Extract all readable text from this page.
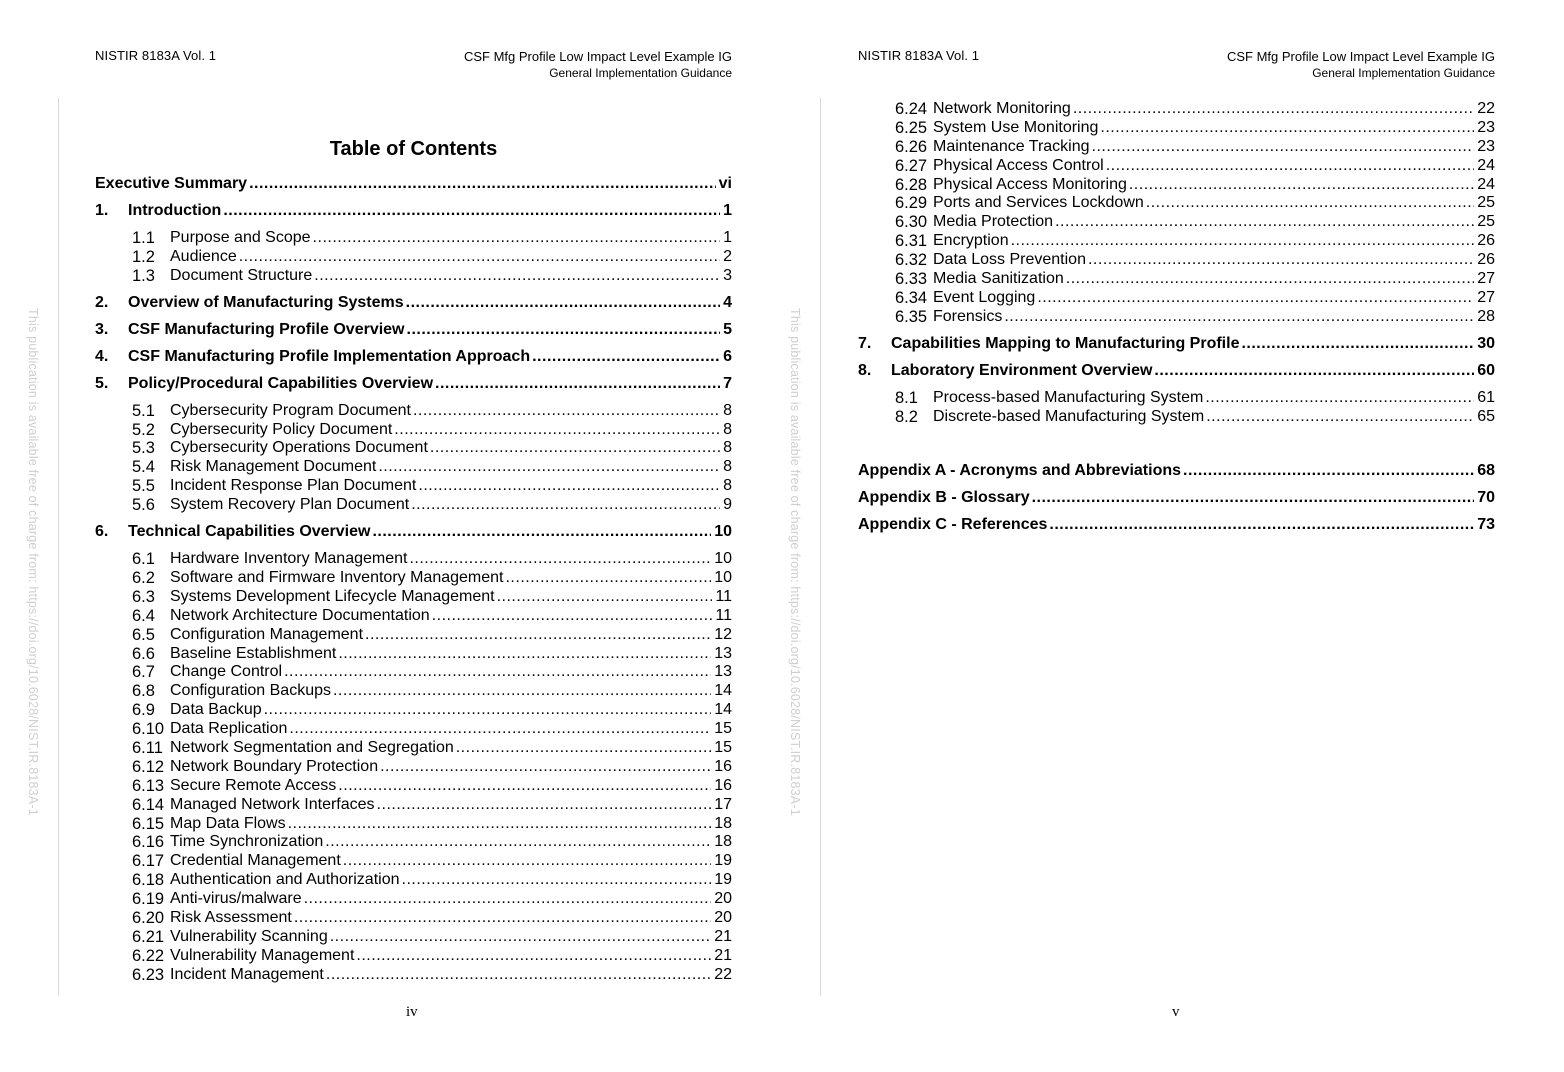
NISTIR 8183A Vol. 1	CSF Mfg Profile Low Impact Level Example IG
General Implementation Guidance
This publication is available free of charge from: https://doi.org/10.6028/NIST.IR.8183A-1
Table of Contents
Executive Summary .....	vi
1. Introduction .....	1
1.1 Purpose and Scope .....	1
1.2 Audience .....	2
1.3 Document Structure .....	3
2. Overview of Manufacturing Systems .....	4
3. CSF Manufacturing Profile Overview .....	5
4. CSF Manufacturing Profile Implementation Approach .....	6
5. Policy/Procedural Capabilities Overview .....	7
5.1 Cybersecurity Program Document .....	8
5.2 Cybersecurity Policy Document .....	8
5.3 Cybersecurity Operations Document .....	8
5.4 Risk Management Document .....	8
5.5 Incident Response Plan Document .....	8
5.6 System Recovery Plan Document .....	9
6. Technical Capabilities Overview .....	10
6.1 Hardware Inventory Management .....	10
6.2 Software and Firmware Inventory Management .....	10
6.3 Systems Development Lifecycle Management .....	11
6.4 Network Architecture Documentation .....	11
6.5 Configuration Management .....	12
6.6 Baseline Establishment .....	13
6.7 Change Control .....	13
6.8 Configuration Backups .....	14
6.9 Data Backup .....	14
6.10 Data Replication .....	15
6.11 Network Segmentation and Segregation .....	15
6.12 Network Boundary Protection .....	16
6.13 Secure Remote Access .....	16
6.14 Managed Network Interfaces .....	17
6.15 Map Data Flows .....	18
6.16 Time Synchronization .....	18
6.17 Credential Management .....	19
6.18 Authentication and Authorization .....	19
6.19 Anti-virus/malware .....	20
6.20 Risk Assessment .....	20
6.21 Vulnerability Scanning .....	21
6.22 Vulnerability Management .....	21
6.23 Incident Management .....	22
iv
NISTIR 8183A Vol. 1	CSF Mfg Profile Low Impact Level Example IG
General Implementation Guidance
This publication is available free of charge from: https://doi.org/10.6028/NIST.IR.8183A-1
6.24 Network Monitoring .....	22
6.25 System Use Monitoring .....	23
6.26 Maintenance Tracking .....	23
6.27 Physical Access Control .....	24
6.28 Physical Access Monitoring .....	24
6.29 Ports and Services Lockdown .....	25
6.30 Media Protection .....	25
6.31 Encryption .....	26
6.32 Data Loss Prevention .....	26
6.33 Media Sanitization .....	27
6.34 Event Logging .....	27
6.35 Forensics .....	28
7. Capabilities Mapping to Manufacturing Profile .....	30
8. Laboratory Environment Overview .....	60
8.1 Process-based Manufacturing System .....	61
8.2 Discrete-based Manufacturing System .....	65
Appendix A - Acronyms and Abbreviations .....	68
Appendix B - Glossary .....	70
Appendix C - References .....	73
v
